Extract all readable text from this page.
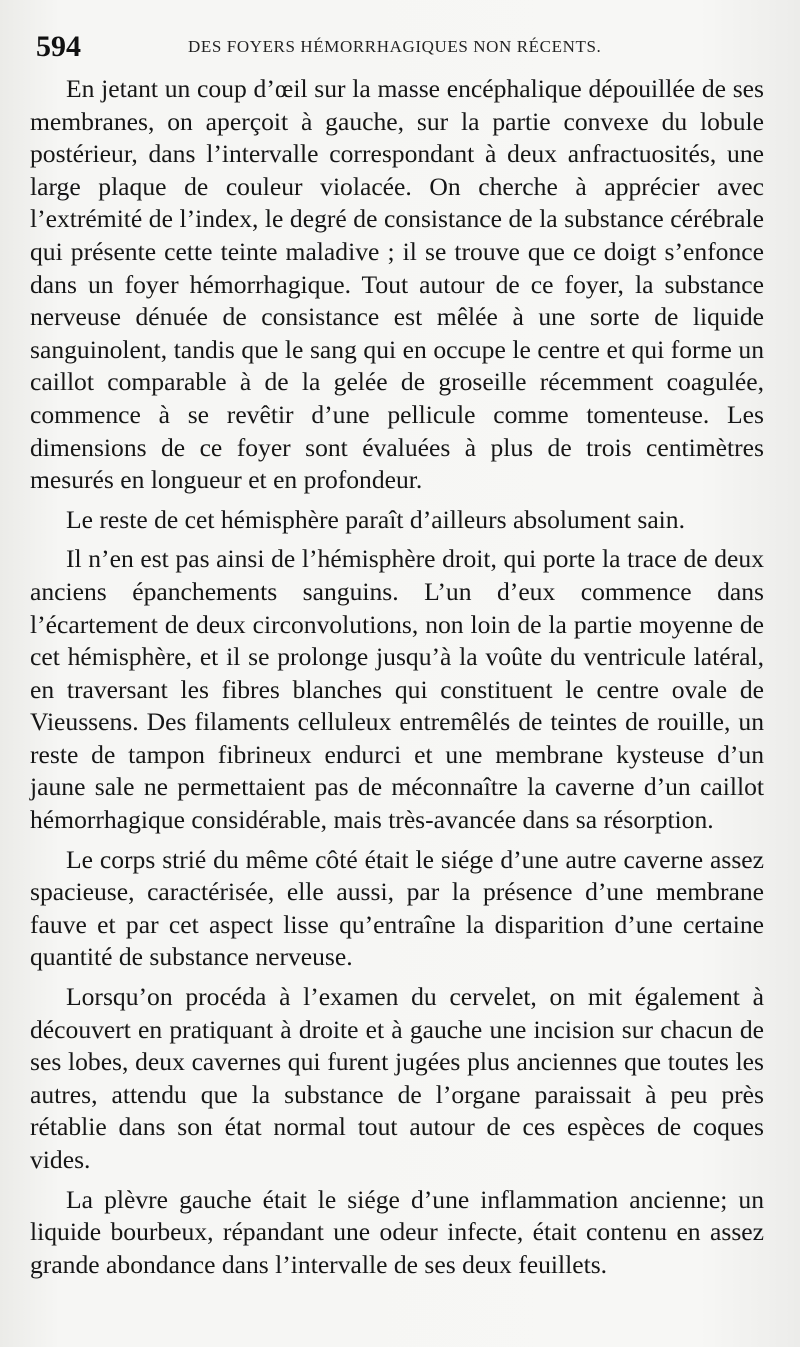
594	DES FOYERS HÉMORRHAGIQUES NON RÉCENTS.

En jetant un coup d’œil sur la masse encéphalique dépouillée de ses membranes, on aperçoit à gauche, sur la partie convexe du lobule postérieur, dans l’intervalle correspondant à deux anfractuosités, une large plaque de couleur violacée. On cherche à apprécier avec l’extrémité de l’index, le degré de consistance de la substance cérébrale qui présente cette teinte maladive ; il se trouve que ce doigt s’enfonce dans un foyer hémorrhagique. Tout autour de ce foyer, la substance nerveuse dénuée de consistance est mêlée à une sorte de liquide sanguinolent, tandis que le sang qui en occupe le centre et qui forme un caillot comparable à de la gelée de groseille récemment coagulée, commence à se revêtir d’une pellicule comme tomenteuse. Les dimensions de ce foyer sont évaluées à plus de trois centimètres mesurés en longueur et en profondeur.

Le reste de cet hémisphère paraît d’ailleurs absolument sain.

Il n’en est pas ainsi de l’hémisphère droit, qui porte la trace de deux anciens épanchements sanguins. L’un d’eux commence dans l’écartement de deux circonvolutions, non loin de la partie moyenne de cet hémisphère, et il se prolonge jusqu’à la voûte du ventricule latéral, en traversant les fibres blanches qui constituent le centre ovale de Vieussens. Des filaments celluleux entremêlés de teintes de rouille, un reste de tampon fibrineux endurci et une membrane kysteuse d’un jaune sale ne permettaient pas de méconnaître la caverne d’un caillot hémorrhagique considérable, mais très-avancée dans sa résorption.

Le corps strié du même côté était le siége d’une autre caverne assez spacieuse, caractérisée, elle aussi, par la présence d’une membrane fauve et par cet aspect lisse qu’entraîne la disparition d’une certaine quantité de substance nerveuse.

Lorsqu’on procéda à l’examen du cervelet, on mit également à découvert en pratiquant à droite et à gauche une incision sur chacun de ses lobes, deux cavernes qui furent jugées plus anciennes que toutes les autres, attendu que la substance de l’organe paraissait à peu près rétablie dans son état normal tout autour de ces espèces de coques vides.

La plèvre gauche était le siége d’une inflammation ancienne; un liquide bourbeux, répandant une odeur infecte, était contenu en assez grande abondance dans l’intervalle de ses deux feuillets.
